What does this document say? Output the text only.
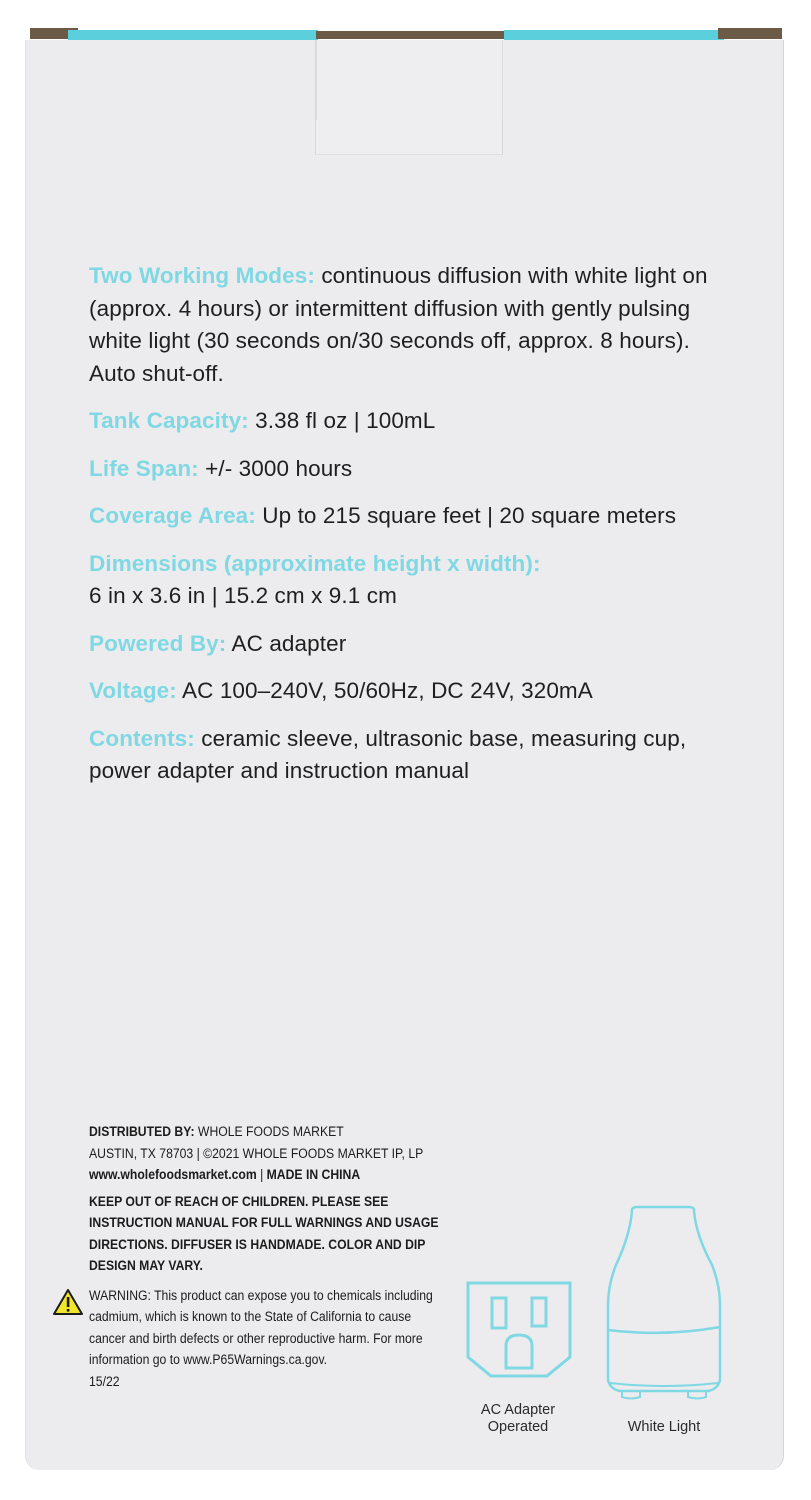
Two Working Modes: continuous diffusion with white light on (approx. 4 hours) or intermittent diffusion with gently pulsing white light (30 seconds on/30 seconds off, approx. 8 hours). Auto shut-off.

Tank Capacity: 3.38 fl oz | 100mL

Life Span: +/- 3000 hours

Coverage Area: Up to 215 square feet | 20 square meters

Dimensions (approximate height x width):
6 in x 3.6 in | 15.2 cm x 9.1 cm

Powered By: AC adapter

Voltage: AC 100–240V, 50/60Hz, DC 24V, 320mA

Contents: ceramic sleeve, ultrasonic base, measuring cup, power adapter and instruction manual

DISTRIBUTED BY: WHOLE FOODS MARKET

AUSTIN, TX 78703 | ©2021 WHOLE FOODS MARKET IP, LP

www.wholefoodsmarket.com | MADE IN CHINA

KEEP OUT OF REACH OF CHILDREN. PLEASE SEE INSTRUCTION MANUAL FOR FULL WARNINGS AND USAGE DIRECTIONS. DIFFUSER IS HANDMADE. COLOR AND DIP DESIGN MAY VARY.

WARNING: This product can expose you to chemicals including cadmium, which is known to the State of California to cause cancer and birth defects or other reproductive harm. For more information go to www.P65Warnings.ca.gov.

15/22

AC Adapter
Operated	White Light
